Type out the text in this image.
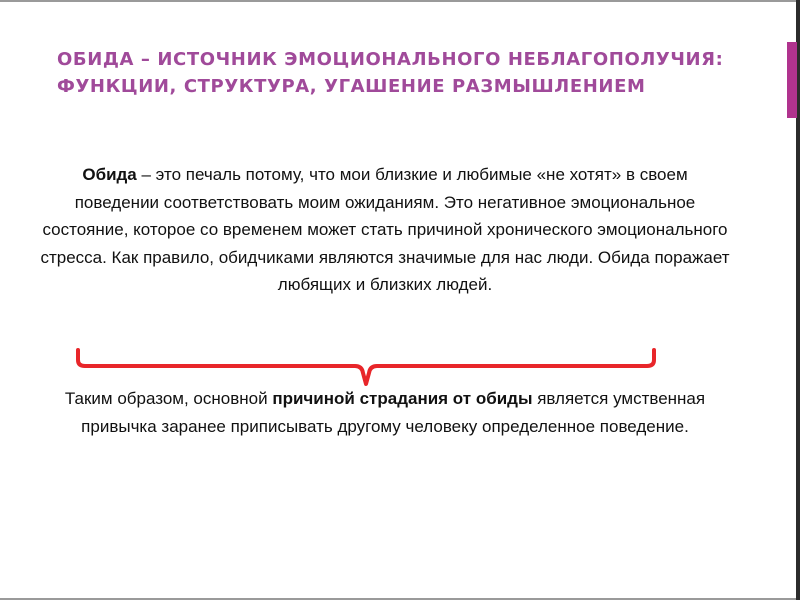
ОБИДА – ИСТОЧНИК ЭМОЦИОНАЛЬНОГО НЕБЛАГОПОЛУЧИЯ: ФУНКЦИИ, СТРУКТУРА, УГАШЕНИЕ РАЗМЫШЛЕНИЕМ

Обида – это печаль потому, что мои близкие и любимые «не хотят» в своем поведении соответствовать моим ожиданиям. Это негативное эмоциональное состояние, которое со временем может стать причиной хронического эмоционального стресса. Как правило, обидчиками являются значимые для нас люди. Обида поражает любящих и близких людей.

Таким образом, основной причиной страдания от обиды является умственная привычка заранее приписывать другому человеку определенное поведение.
